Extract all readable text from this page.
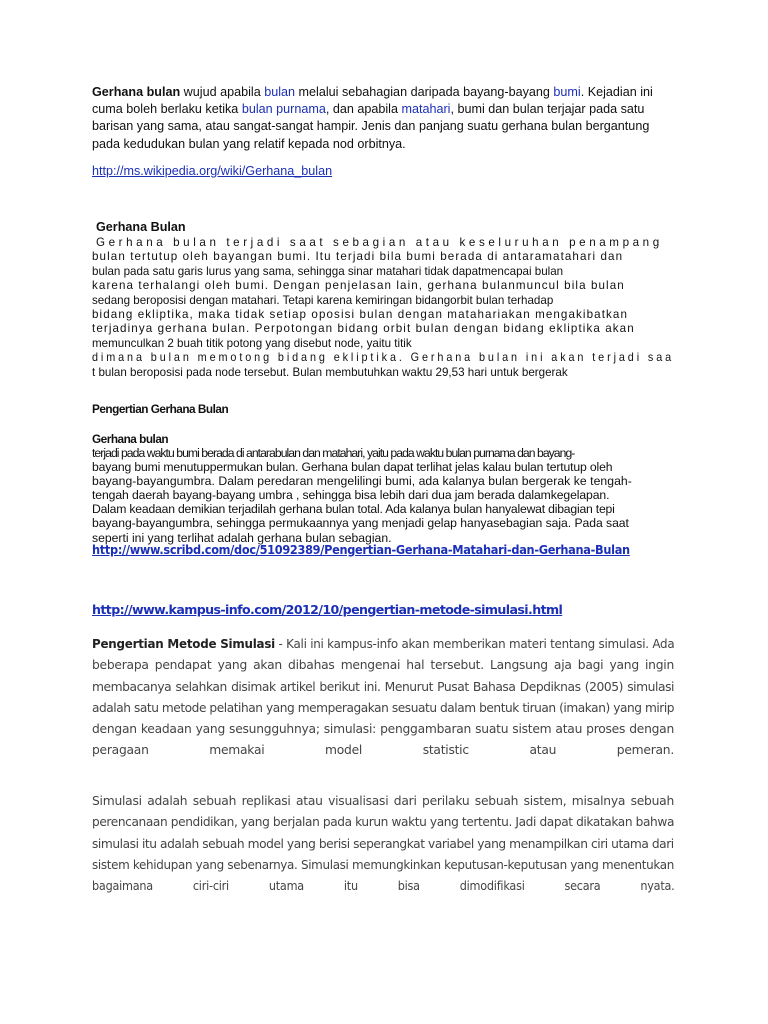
Gerhana bulan wujud apabila bulan melalui sebahagian daripada bayang-bayang bumi. Kejadian ini cuma boleh berlaku ketika bulan purnama, dan apabila matahari, bumi dan bulan terjajar pada satu barisan yang sama, atau sangat-sangat hampir. Jenis dan panjang suatu gerhana bulan bergantung pada kedudukan bulan yang relatif kepada nod orbitnya.

http://ms.wikipedia.org/wiki/Gerhana_bulan
Gerhana Bulan
Gerhana bulan terjadi saat sebagian atau keseluruhan penampang
bulan tertutup oleh bayangan bumi. Itu terjadi bila bumi berada di antaramatahari dan
bulan pada satu garis lurus yang sama, sehingga sinar matahari tidak dapatmencapai bulan
karena terhalangi oleh bumi. Dengan penjelasan lain, gerhana bulanmuncul bila bulan
sedang beroposisi dengan matahari. Tetapi karena kemiringan bidangorbit bulan terhadap
bidang ekliptika, maka tidak setiap oposisi bulan dengan matahariakan mengakibatkan
terjadinya gerhana bulan. Perpotongan bidang orbit bulan dengan bidang ekliptika akan
memunculkan 2 buah titik potong yang disebut node, yaitu titik
dimana bulan memotong bidang ekliptika. Gerhana bulan ini akan terjadi saa
t bulan beroposisi pada node tersebut. Bulan membutuhkan waktu 29,53 hari untuk bergerak
Pengertian Gerhana Bulan
Gerhana bulan
terjadi pada waktu bumi berada di antarabulan dan matahari, yaitu pada waktu bulan purnama dan bayang-
bayang bumi menutuppermukan bulan. Gerhana bulan dapat terlihat jelas kalau bulan tertutup oleh
bayang-bayangumbra. Dalam peredaran mengelilingi bumi, ada kalanya bulan bergerak ke tengah-
tengah daerah bayang-bayang umbra , sehingga bisa lebih dari dua jam berada dalamkegelapan.
Dalam keadaan demikian terjadilah gerhana bulan total. Ada kalanya bulan hanyalewat dibagian tepi
bayang-bayangumbra, sehingga permukaannya yang menjadi gelap hanyasebagian saja. Pada saat
seperti ini yang terlihat adalah gerhana bulan sebagian.
http://www.scribd.com/doc/51092389/Pengertian-Gerhana-Matahari-dan-Gerhana-Bulan
http://www.kampus-info.com/2012/10/pengertian-metode-simulasi.html
Pengertian Metode Simulasi - Kali ini kampus-info akan memberikan materi tentang simulasi. Ada
beberapa pendapat yang akan dibahas mengenai hal tersebut. Langsung aja bagi yang ingin
membacanya selahkan disimak artikel berikut ini. Menurut Pusat Bahasa Depdiknas (2005) simulasi
adalah satu metode pelatihan yang memperagakan sesuatu dalam bentuk tiruan (imakan) yang mirip
dengan keadaan yang sesungguhnya; simulasi: penggambaran suatu sistem atau proses dengan
peragaan memakai model statistic atau pemeran.
Simulasi adalah sebuah replikasi atau visualisasi dari perilaku sebuah sistem, misalnya sebuah
perencanaan pendidikan, yang berjalan pada kurun waktu yang tertentu. Jadi dapat dikatakan bahwa
simulasi itu adalah sebuah model yang berisi seperangkat variabel yang menampilkan ciri utama dari
sistem kehidupan yang sebenarnya. Simulasi memungkinkan keputusan-keputusan yang menentukan
bagaimana ciri-ciri utama itu bisa dimodifikasi secara nyata.
